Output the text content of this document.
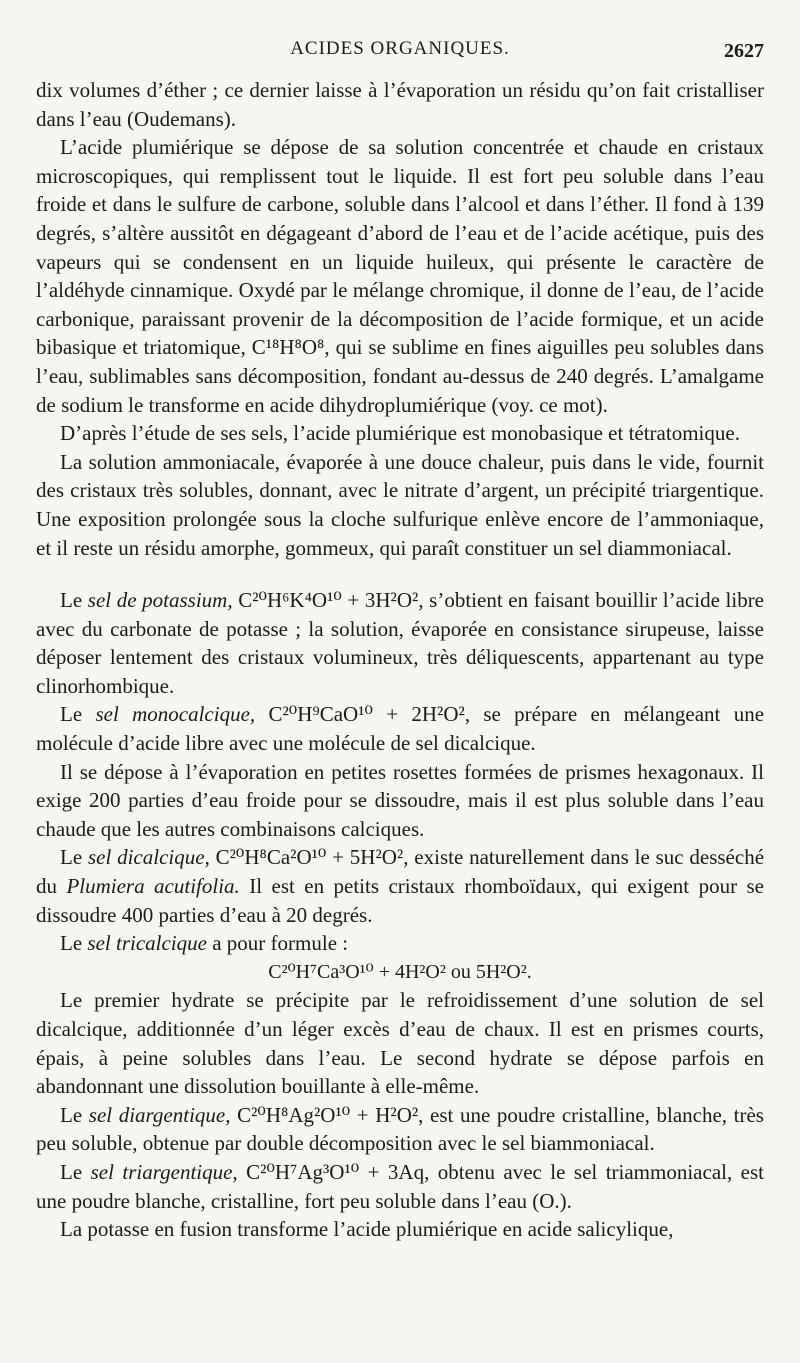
ACIDES ORGANIQUES.	2627

dix volumes d’éther ; ce dernier laisse à l’évaporation un résidu qu’on fait cristalliser dans l’eau (Oudemans).

L’acide plumiérique se dépose de sa solution concentrée et chaude en cristaux microscopiques, qui remplissent tout le liquide. Il est fort peu soluble dans l’eau froide et dans le sulfure de carbone, soluble dans l’alcool et dans l’éther. Il fond à 139 degrés, s’altère aussitôt en dégageant d’abord de l’eau et de l’acide acétique, puis des vapeurs qui se condensent en un liquide huileux, qui présente le caractère de l’aldéhyde cinnamique. Oxydé par le mélange chromique, il donne de l’eau, de l’acide carbonique, paraissant provenir de la décomposition de l’acide formique, et un acide bibasique et triatomique, C¹⁸H⁸O⁸, qui se sublime en fines aiguilles peu solubles dans l’eau, sublimables sans décomposition, fondant au-dessus de 240 degrés. L’amalgame de sodium le transforme en acide dihydroplumiérique (voy. ce mot).

D’après l’étude de ses sels, l’acide plumiérique est monobasique et tétratomique.

La solution ammoniacale, évaporée à une douce chaleur, puis dans le vide, fournit des cristaux très solubles, donnant, avec le nitrate d’argent, un précipité triargentique. Une exposition prolongée sous la cloche sulfurique enlève encore de l’ammoniaque, et il reste un résidu amorphe, gommeux, qui paraît constituer un sel diammoniacal.

Le sel de potassium, C²⁰H⁶K⁴O¹⁰ + 3H²O², s’obtient en faisant bouillir l’acide libre avec du carbonate de potasse ; la solution, évaporée en consistance sirupeuse, laisse déposer lentement des cristaux volumineux, très déliquescents, appartenant au type clinorhombique.

Le sel monocalcique, C²⁰H⁹CaO¹⁰ + 2H²O², se prépare en mélangeant une molécule d’acide libre avec une molécule de sel dicalcique.

Il se dépose à l’évaporation en petites rosettes formées de prismes hexagonaux. Il exige 200 parties d’eau froide pour se dissoudre, mais il est plus soluble dans l’eau chaude que les autres combinaisons calciques.

Le sel dicalcique, C²⁰H⁸Ca²O¹⁰ + 5H²O², existe naturellement dans le suc desséché du Plumiera acutifolia. Il est en petits cristaux rhomboïdaux, qui exigent pour se dissoudre 400 parties d’eau à 20 degrés.

Le sel tricalcique a pour formule :

C²⁰H⁷Ca³O¹⁰ + 4H²O² ou 5H²O².

Le premier hydrate se précipite par le refroidissement d’une solution de sel dicalcique, additionnée d’un léger excès d’eau de chaux. Il est en prismes courts, épais, à peine solubles dans l’eau. Le second hydrate se dépose parfois en abandonnant une dissolution bouillante à elle-même.

Le sel diargentique, C²⁰H⁸Ag²O¹⁰ + H²O², est une poudre cristalline, blanche, très peu soluble, obtenue par double décomposition avec le sel biammoniacal.

Le sel triargentique, C²⁰H⁷Ag³O¹⁰ + 3Aq, obtenu avec le sel triammoniacal, est une poudre blanche, cristalline, fort peu soluble dans l’eau (O.).

La potasse en fusion transforme l’acide plumiérique en acide salicylique,
